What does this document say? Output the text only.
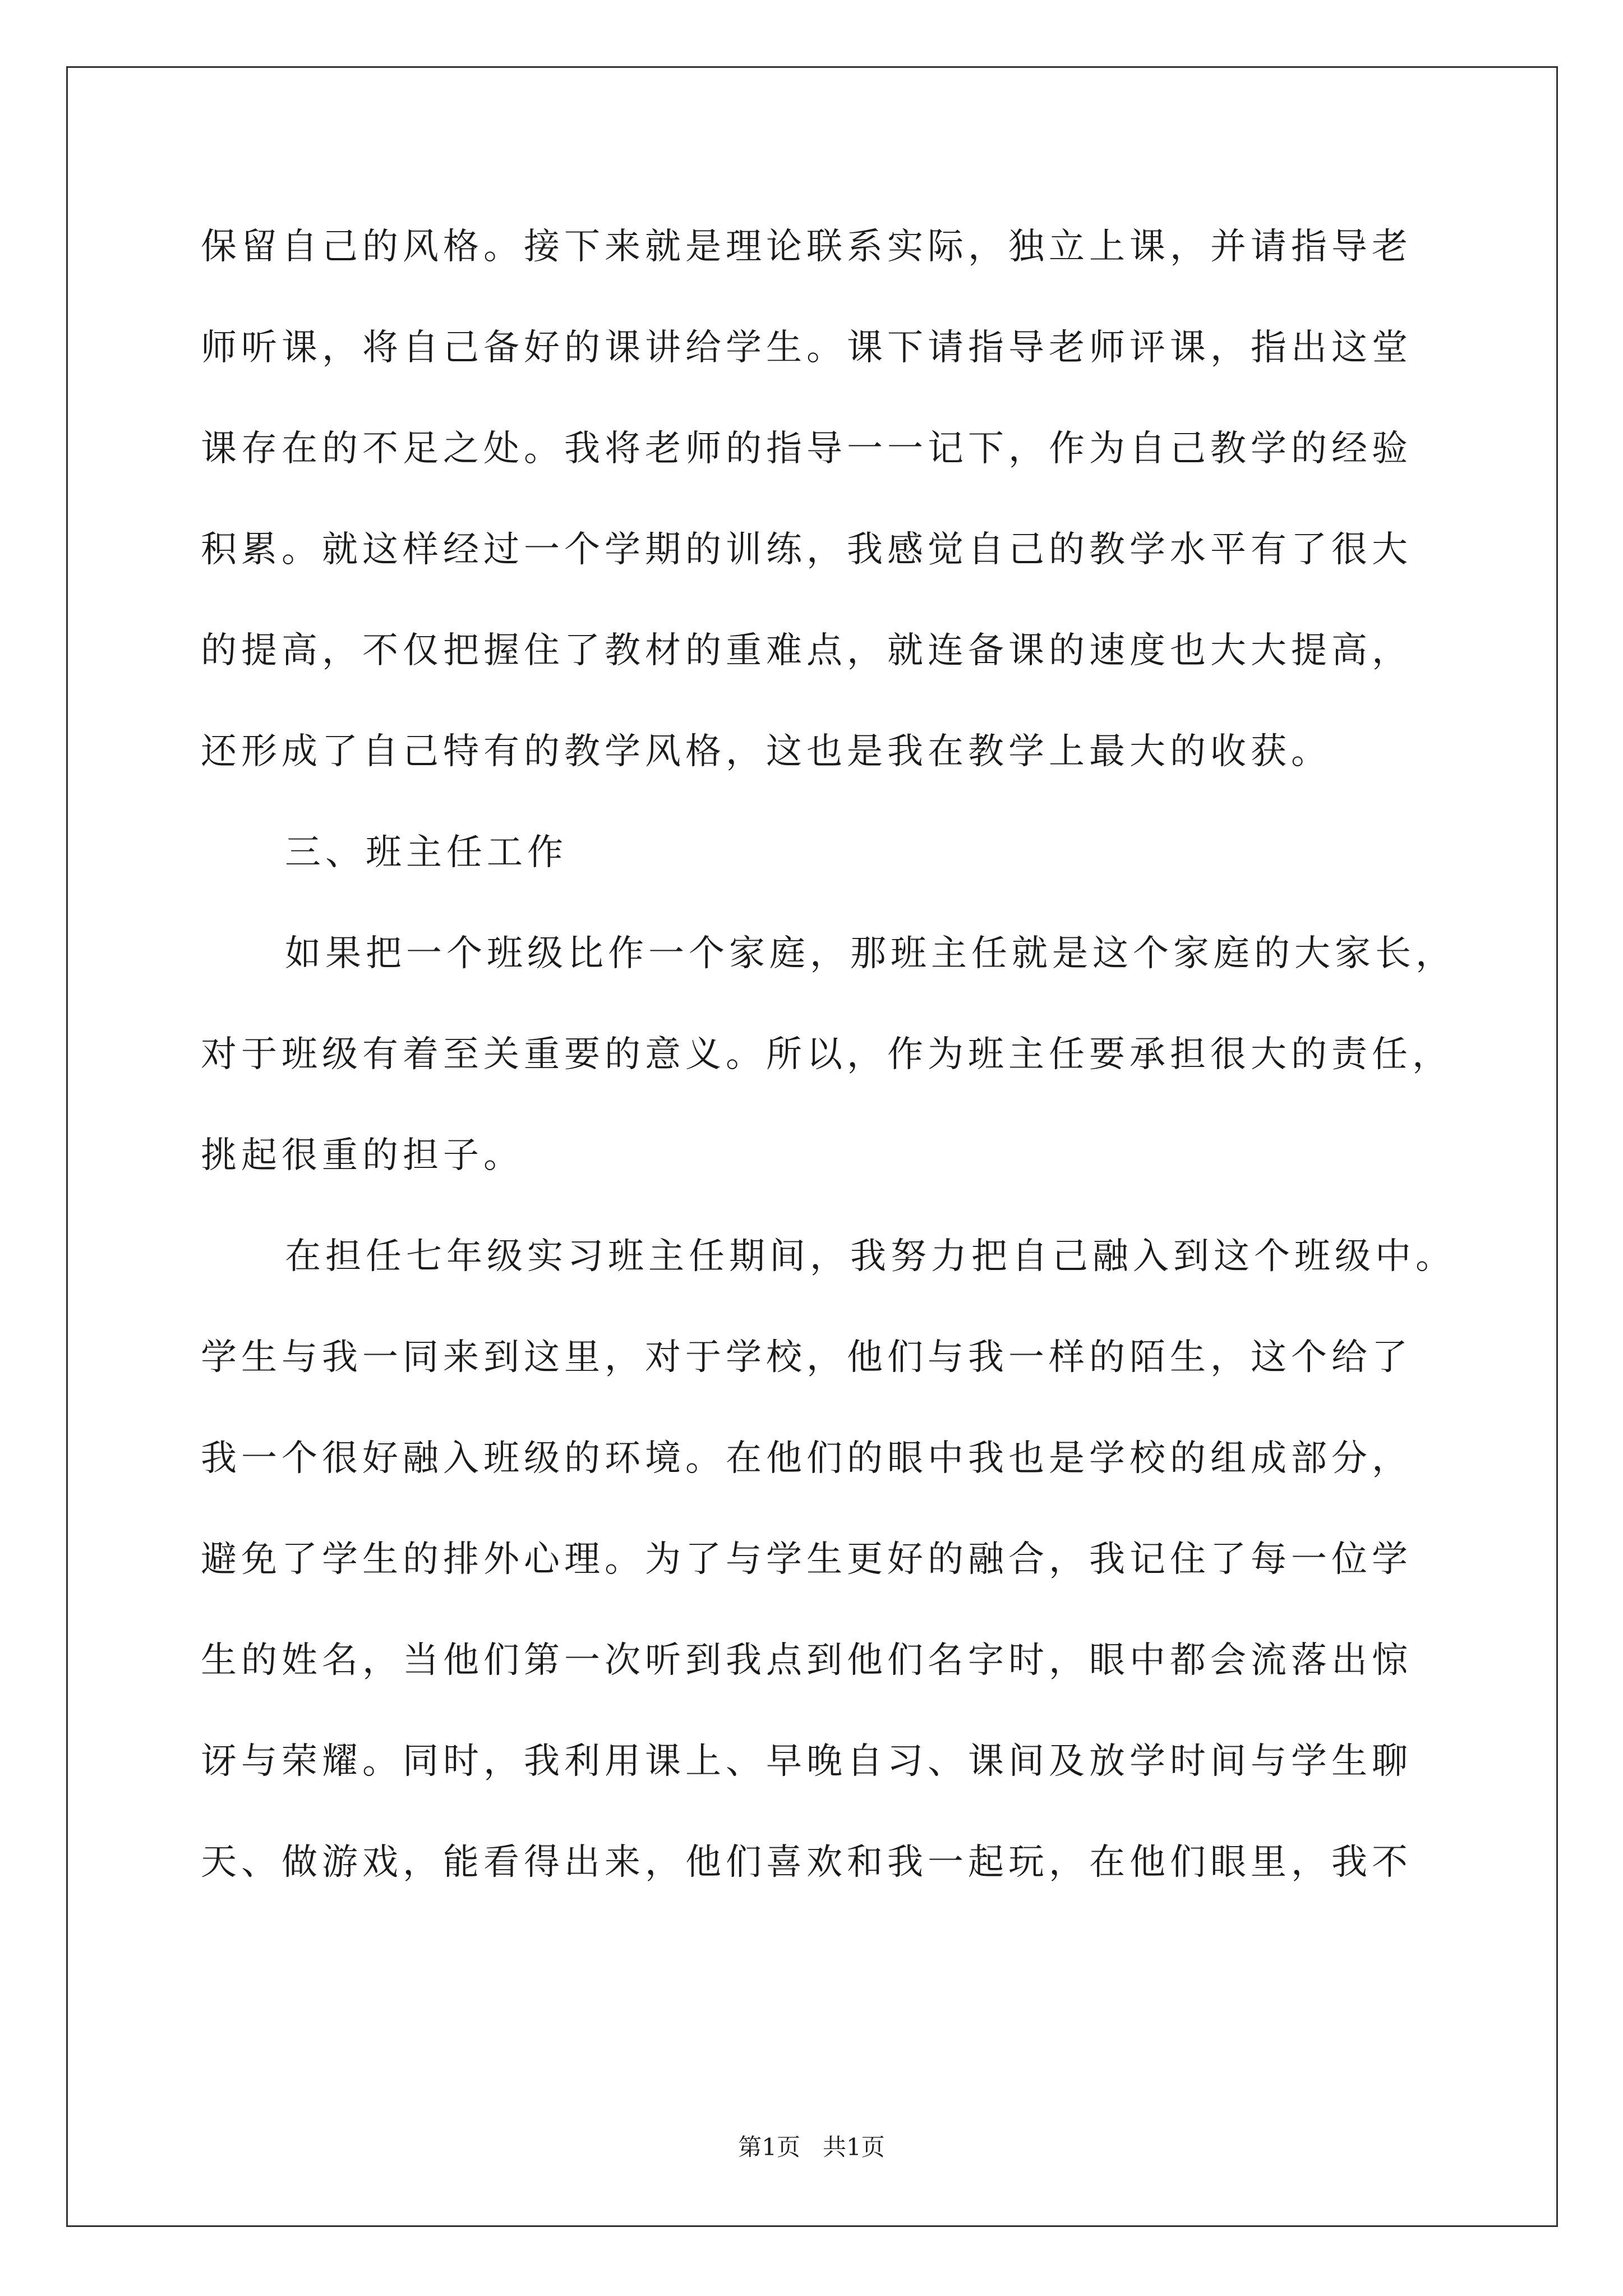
保留自己的风格。接下来就是理论联系实际，独立上课，并请指导老
师听课，将自己备好的课讲给学生。课下请指导老师评课，指出这堂
课存在的不足之处。我将老师的指导一一记下，作为自己教学的经验
积累。就这样经过一个学期的训练，我感觉自己的教学水平有了很大
的提高，不仅把握住了教材的重难点，就连备课的速度也大大提高，
还形成了自己特有的教学风格，这也是我在教学上最大的收获。
三、班主任工作
如果把一个班级比作一个家庭，那班主任就是这个家庭的大家长，
对于班级有着至关重要的意义。所以，作为班主任要承担很大的责任，
挑起很重的担子。
在担任七年级实习班主任期间，我努力把自己融入到这个班级中。
学生与我一同来到这里，对于学校，他们与我一样的陌生，这个给了
我一个很好融入班级的环境。在他们的眼中我也是学校的组成部分，
避免了学生的排外心理。为了与学生更好的融合，我记住了每一位学
生的姓名，当他们第一次听到我点到他们名字时，眼中都会流落出惊
讶与荣耀。同时，我利用课上、早晚自习、课间及放学时间与学生聊
天、做游戏，能看得出来，他们喜欢和我一起玩，在他们眼里，我不
第1页   共1页
